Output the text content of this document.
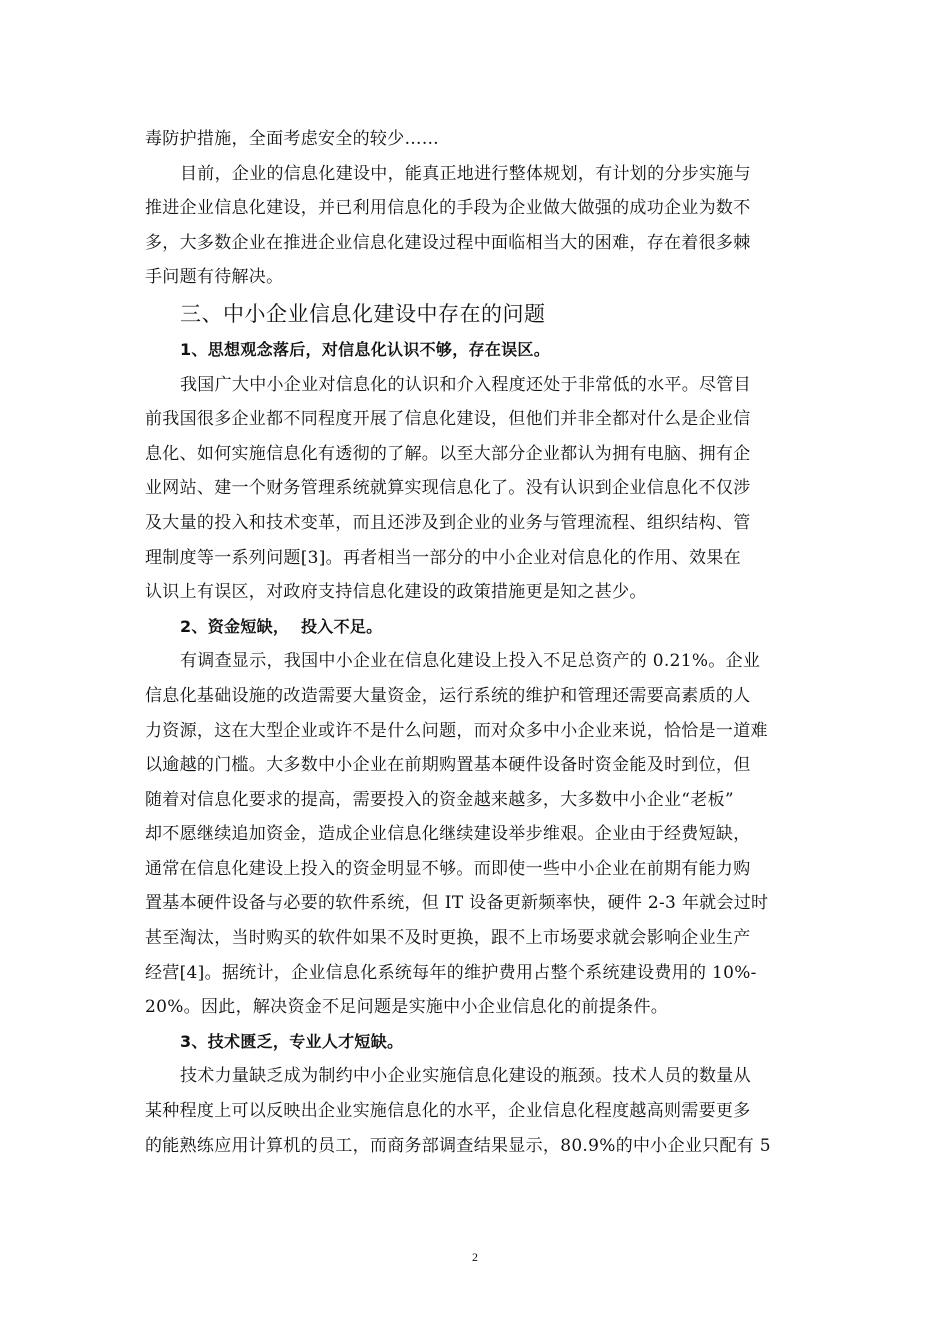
毒防护措施，全面考虑安全的较少……
目前，企业的信息化建设中，能真正地进行整体规划，有计划的分步实施与
推进企业信息化建设，并已利用信息化的手段为企业做大做强的成功企业为数不
多，大多数企业在推进企业信息化建设过程中面临相当大的困难，存在着很多棘
手问题有待解决。
三、中小企业信息化建设中存在的问题
1、思想观念落后，对信息化认识不够，存在误区。
我国广大中小企业对信息化的认识和介入程度还处于非常低的水平。尽管目
前我国很多企业都不同程度开展了信息化建设，但他们并非全都对什么是企业信
息化、如何实施信息化有透彻的了解。以至大部分企业都认为拥有电脑、拥有企
业网站、建一个财务管理系统就算实现信息化了。没有认识到企业信息化不仅涉
及大量的投入和技术变革，而且还涉及到企业的业务与管理流程、组织结构、管
理制度等一系列问题[3]。再者相当一部分的中小企业对信息化的作用、效果在
认识上有误区，对政府支持信息化建设的政策措施更是知之甚少。
2、资金短缺，  投入不足。
有调查显示，我国中小企业在信息化建设上投入不足总资产的 0.21%。企业
信息化基础设施的改造需要大量资金，运行系统的维护和管理还需要高素质的人
力资源，这在大型企业或许不是什么问题，而对众多中小企业来说，恰恰是一道难
以逾越的门槛。大多数中小企业在前期购置基本硬件设备时资金能及时到位，但
随着对信息化要求的提高，需要投入的资金越来越多，大多数中小企业“老板”
却不愿继续追加资金，造成企业信息化继续建设举步维艰。企业由于经费短缺，
通常在信息化建设上投入的资金明显不够。而即使一些中小企业在前期有能力购
置基本硬件设备与必要的软件系统，但 IT 设备更新频率快，硬件 2-3 年就会过时
甚至淘汰，当时购买的软件如果不及时更换，跟不上市场要求就会影响企业生产
经营[4]。据统计，企业信息化系统每年的维护费用占整个系统建设费用的 10%-
20%。因此，解决资金不足问题是实施中小企业信息化的前提条件。
3、技术匮乏，专业人才短缺。
技术力量缺乏成为制约中小企业实施信息化建设的瓶颈。技术人员的数量从
某种程度上可以反映出企业实施信息化的水平，企业信息化程度越高则需要更多
的能熟练应用计算机的员工，而商务部调查结果显示，80.9%的中小企业只配有 5
2
